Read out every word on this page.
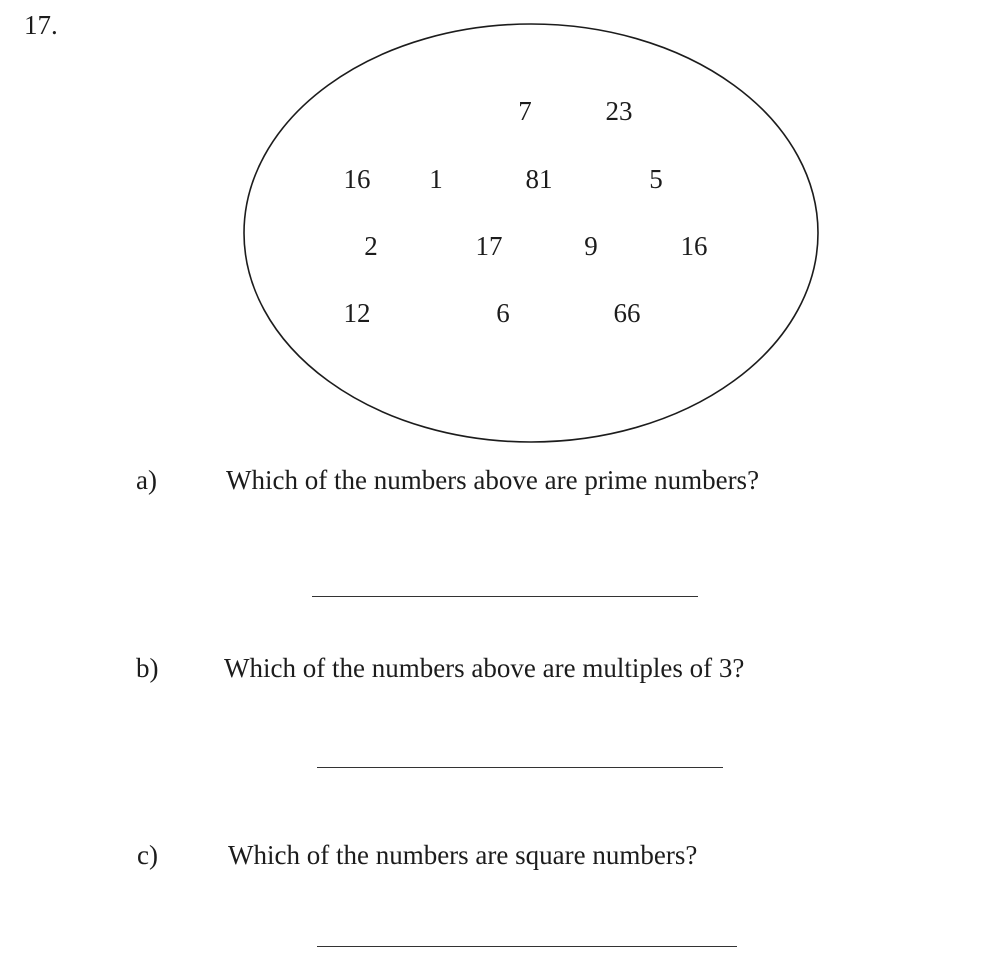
17.
7	23
16 1	81	5
2	17	9	16
12	6	66
a)	Which of the numbers above are prime numbers?
b) Which of the numbers above are multiples of 3?
c)	Which of the numbers are square numbers?
